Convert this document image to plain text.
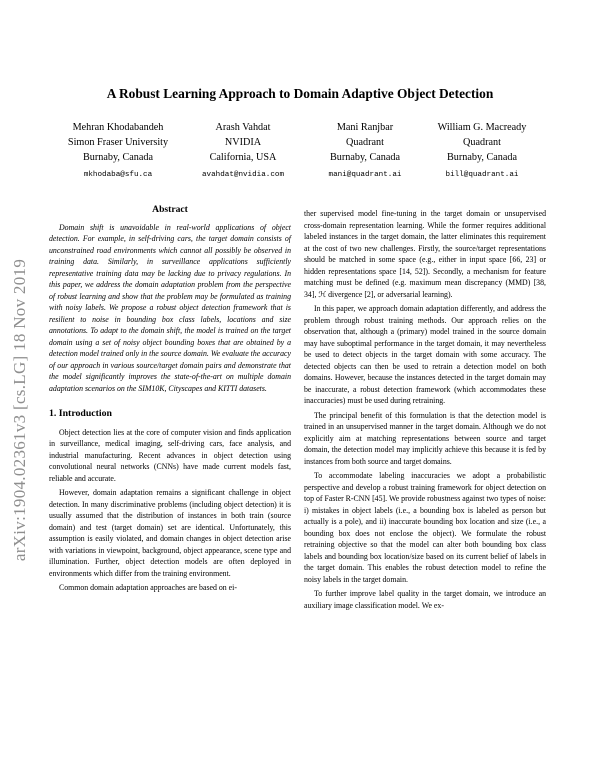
arXiv:1904.02361v3 [cs.LG] 18 Nov 2019
A Robust Learning Approach to Domain Adaptive Object Detection
Mehran Khodabandeh
Simon Fraser University
Burnaby, Canada
mkhodaba@sfu.ca
Arash Vahdat
NVIDIA
California, USA
avahdat@nvidia.com
Mani Ranjbar
Quadrant
Burnaby, Canada
mani@quadrant.ai
William G. Macready
Quadrant
Burnaby, Canada
bill@quadrant.ai
Abstract

Domain shift is unavoidable in real-world applications of object detection. For example, in self-driving cars, the target domain consists of unconstrained road environments which cannot all possibly be observed in training data. Similarly, in surveillance applications sufficiently representative training data may be lacking due to privacy regulations. In this paper, we address the domain adaptation problem from the perspective of robust learning and show that the problem may be formulated as training with noisy labels. We propose a robust object detection framework that is resilient to noise in bounding box class labels, locations and size annotations. To adapt to the domain shift, the model is trained on the target domain using a set of noisy object bounding boxes that are obtained by a detection model trained only in the source domain. We evaluate the accuracy of our approach in various source/target domain pairs and demonstrate that the model significantly improves the state-of-the-art on multiple domain adaptation scenarios on the SIM10K, Cityscapes and KITTI datasets.

1. Introduction

Object detection lies at the core of computer vision and finds application in surveillance, medical imaging, self-driving cars, face analysis, and industrial manufacturing. Recent advances in object detection using convolutional neural networks (CNNs) have made current models fast, reliable and accurate.

However, domain adaptation remains a significant challenge in object detection. In many discriminative problems (including object detection) it is usually assumed that the distribution of instances in both train (source domain) and test (target domain) set are identical. Unfortunately, this assumption is easily violated, and domain changes in object detection arise with variations in viewpoint, background, object appearance, scene type and illumination. Further, object detection models are often deployed in environments which differ from the training environment.

Common domain adaptation approaches are based on ei-

ther supervised model fine-tuning in the target domain or unsupervised cross-domain representation learning. While the former requires additional labeled instances in the target domain, the latter eliminates this requirement at the cost of two new challenges. Firstly, the source/target representations should be matched in some space (e.g., either in input space [66, 23] or hidden representations space [14, 52]). Secondly, a mechanism for feature matching must be defined (e.g. maximum mean discrepancy (MMD) [38, 34], ℋ divergence [2], or adversarial learning).

In this paper, we approach domain adaptation differently, and address the problem through robust training methods. Our approach relies on the observation that, although a (primary) model trained in the source domain may have suboptimal performance in the target domain, it may nevertheless be used to detect objects in the target domain with some accuracy. The detected objects can then be used to retrain a detection model on both domains. However, because the instances detected in the target domain may be inaccurate, a robust detection framework (which accommodates these inaccuracies) must be used during retraining.

The principal benefit of this formulation is that the detection model is trained in an unsupervised manner in the target domain. Although we do not explicitly aim at matching representations between source and target domain, the detection model may implicitly achieve this because it is fed by instances from both source and target domains.

To accommodate labeling inaccuracies we adopt a probabilistic perspective and develop a robust training framework for object detection on top of Faster R-CNN [45]. We provide robustness against two types of noise: i) mistakes in object labels (i.e., a bounding box is labeled as person but actually is a pole), and ii) inaccurate bounding box location and size (i.e., a bounding box does not enclose the object). We formulate the robust retraining objective so that the model can alter both bounding box class labels and bounding box location/size based on its current belief of labels in the target domain. This enables the robust detection model to refine the noisy labels in the target domain.

To further improve label quality in the target domain, we introduce an auxiliary image classification model. We ex-
